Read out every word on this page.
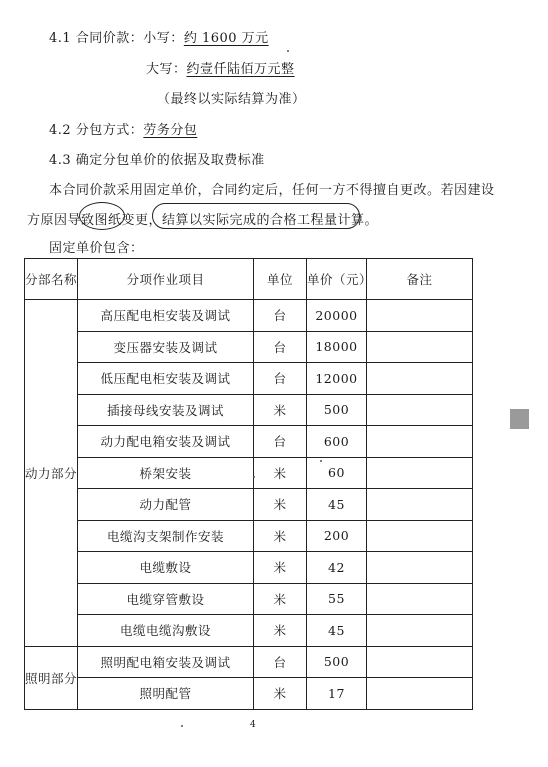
4.1 合同价款：小写：约 1600 万元
大写：约壹仟陆佰万元整
（最终以实际结算为准）
4.2 分包方式：劳务分包
4.3 确定分包单价的依据及取费标准
本合同价款采用固定单价，合同约定后，任何一方不得擅自更改。若因建设
方原因导致图纸变更，结算以实际完成的合格工程量计算。
固定单价包含：
分部名称	分项作业项目	单位	单价（元）	备注
动力部分	高压配电柜安装及调试	台	20000	
	变压器安装及调试	台	18000	
	低压配电柜安装及调试	台	12000	
	插接母线安装及调试	米	500	
	动力配电箱安装及调试	台	600	
	桥架安装	米	60	
	动力配管	米	45	
	电缆沟支架制作安装	米	200	
	电缆敷设	米	42	
	电缆穿管敷设	米	55	
	电缆电缆沟敷设	米	45	
照明部分	照明配电箱安装及调试	台	500	
	照明配管	米	17	
4
